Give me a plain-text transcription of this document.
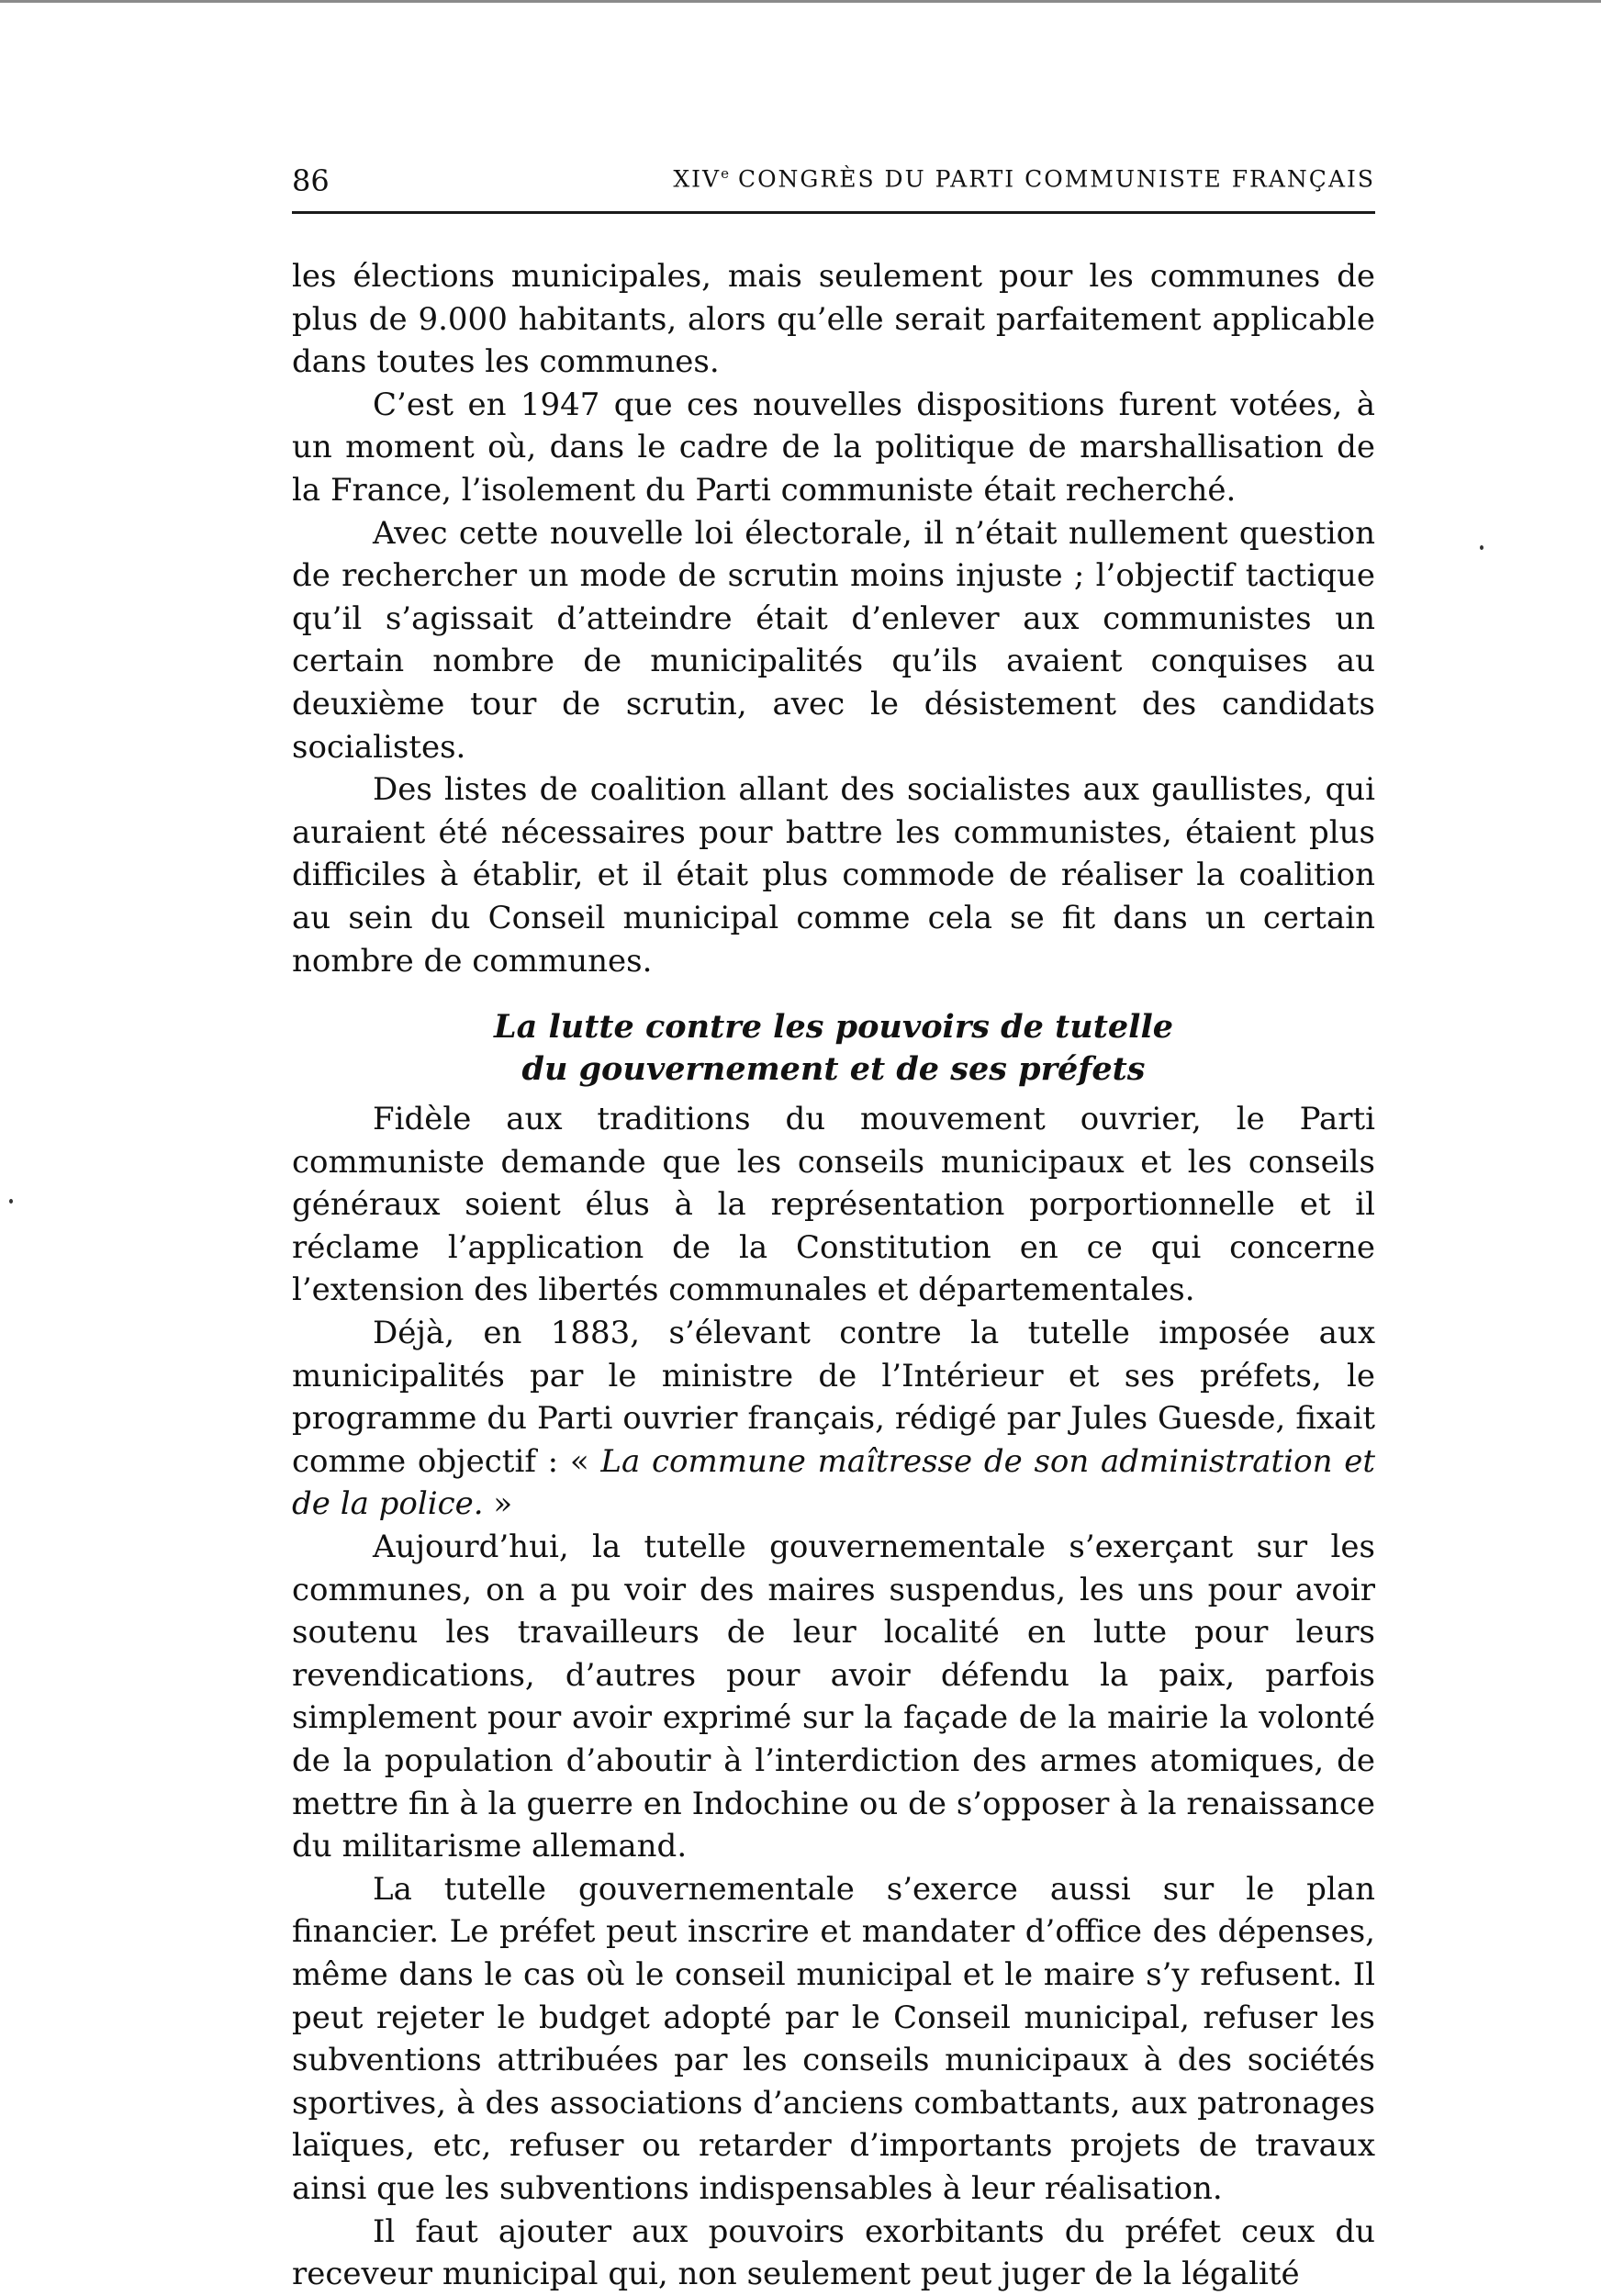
86	XIVe CONGRÈS DU PARTI COMMUNISTE FRANÇAIS

les élections municipales, mais seulement pour les communes de plus de 9.000 habitants, alors qu’elle serait parfaitement applicable dans toutes les communes.

C’est en 1947 que ces nouvelles dispositions furent votées, à un moment où, dans le cadre de la politique de marshallisation de la France, l’isolement du Parti communiste était recherché.

Avec cette nouvelle loi électorale, il n’était nullement question de rechercher un mode de scrutin moins injuste ; l’objectif tactique qu’il s’agissait d’atteindre était d’enlever aux communistes un certain nombre de municipalités qu’ils avaient conquises au deuxième tour de scrutin, avec le désistement des candidats socialistes.

Des listes de coalition allant des socialistes aux gaullistes, qui auraient été nécessaires pour battre les communistes, étaient plus difficiles à établir, et il était plus commode de réaliser la coalition au sein du Conseil municipal comme cela se fit dans un certain nombre de communes.

La lutte contre les pouvoirs de tutelle
du gouvernement et de ses préfets

Fidèle aux traditions du mouvement ouvrier, le Parti communiste demande que les conseils municipaux et les conseils généraux soient élus à la représentation porportionnelle et il réclame l’application de la Constitution en ce qui concerne l’extension des libertés communales et départementales.

Déjà, en 1883, s’élevant contre la tutelle imposée aux municipalités par le ministre de l’Intérieur et ses préfets, le programme du Parti ouvrier français, rédigé par Jules Guesde, fixait comme objectif : « La commune maîtresse de son administration et de la police. »

Aujourd’hui, la tutelle gouvernementale s’exerçant sur les communes, on a pu voir des maires suspendus, les uns pour avoir soutenu les travailleurs de leur localité en lutte pour leurs revendications, d’autres pour avoir défendu la paix, parfois simplement pour avoir exprimé sur la façade de la mairie la volonté de la population d’aboutir à l’interdiction des armes atomiques, de mettre fin à la guerre en Indochine ou de s’opposer à la renaissance du militarisme allemand.

La tutelle gouvernementale s’exerce aussi sur le plan financier. Le préfet peut inscrire et mandater d’office des dépenses, même dans le cas où le conseil municipal et le maire s’y refusent. Il peut rejeter le budget adopté par le Conseil municipal, refuser les subventions attribuées par les conseils municipaux à des sociétés sportives, à des associations d’anciens combattants, aux patronages laïques, etc, refuser ou retarder d’importants projets de travaux ainsi que les subventions indispensables à leur réalisation.

Il faut ajouter aux pouvoirs exorbitants du préfet ceux du receveur municipal qui, non seulement peut juger de la légalité
